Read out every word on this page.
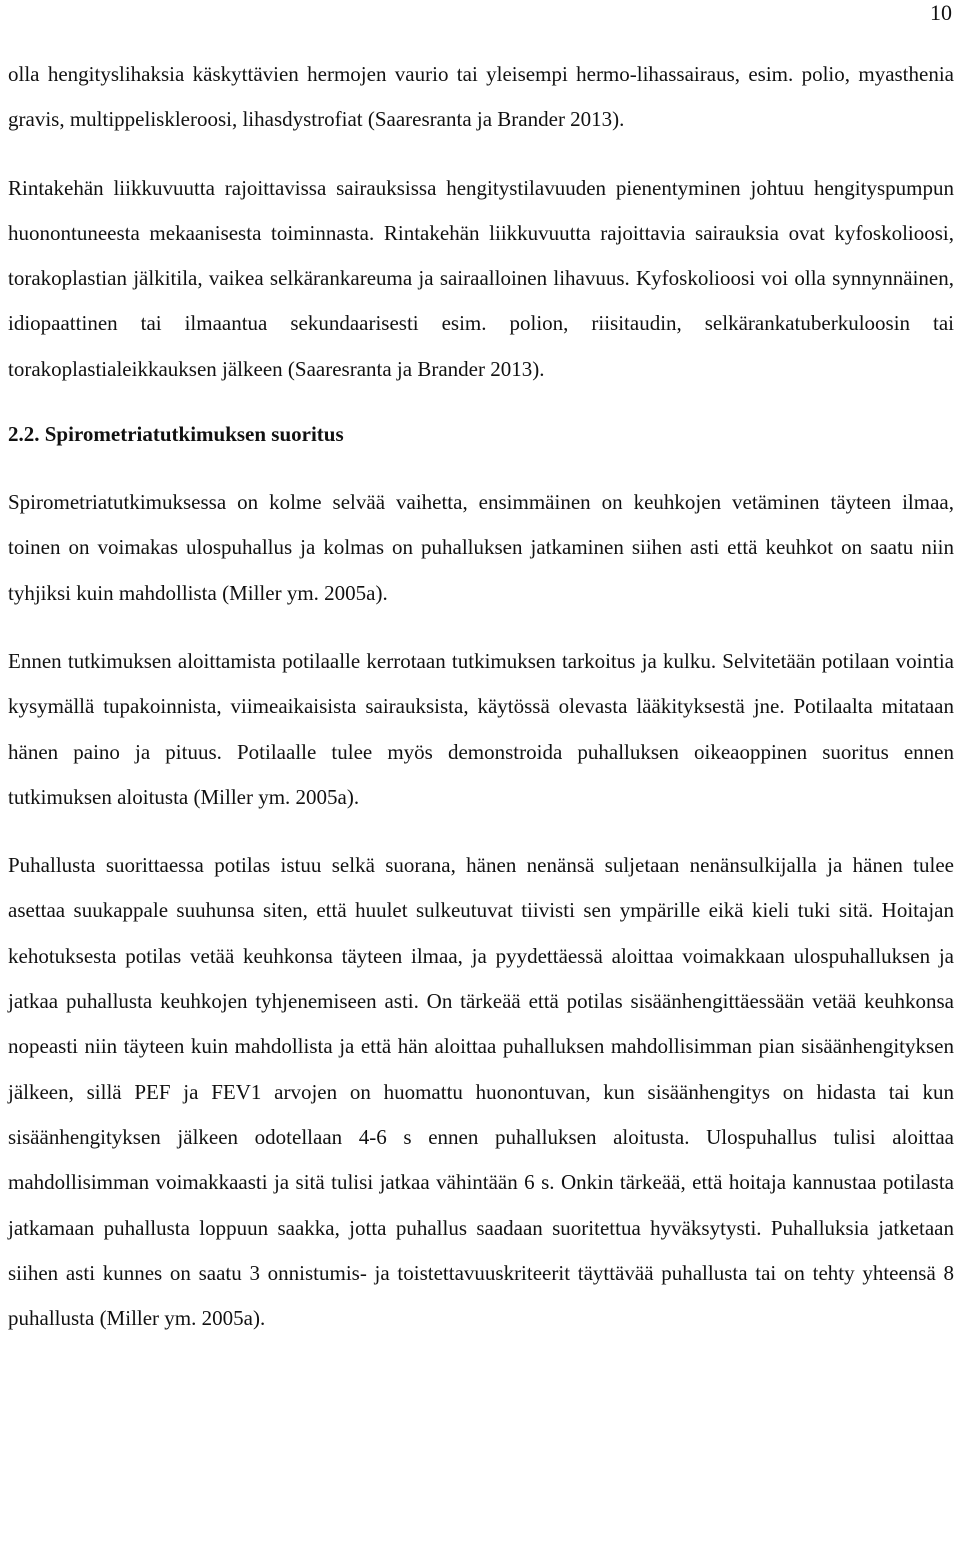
10

olla hengityslihaksia käskyttävien hermojen vaurio tai yleisempi hermo-lihassairaus, esim. polio, myasthenia gravis, multippeliskleroosi, lihasdystrofiat (Saaresranta ja Brander 2013).

Rintakehän liikkuvuutta rajoittavissa sairauksissa hengitystilavuuden pienentyminen johtuu hengityspumpun huonontuneesta mekaanisesta toiminnasta. Rintakehän liikkuvuutta rajoittavia sairauksia ovat kyfoskolioosi, torakoplastian jälkitila, vaikea selkärankareuma ja sairaalloinen lihavuus. Kyfoskolioosi voi olla synnynnäinen, idiopaattinen tai ilmaantua sekundaarisesti esim. polion, riisitaudin, selkärankatuberkuloosin tai torakoplastialeikkauksen jälkeen (Saaresranta ja Brander 2013).

2.2. Spirometriatutkimuksen suoritus

Spirometriatutkimuksessa on kolme selvää vaihetta, ensimmäinen on keuhkojen vetäminen täyteen ilmaa, toinen on voimakas ulospuhallus ja kolmas on puhalluksen jatkaminen siihen asti että keuhkot on saatu niin tyhjiksi kuin mahdollista (Miller ym. 2005a).

Ennen tutkimuksen aloittamista potilaalle kerrotaan tutkimuksen tarkoitus ja kulku. Selvitetään potilaan vointia kysymällä tupakoinnista, viimeaikaisista sairauksista, käytössä olevasta lääkityksestä jne. Potilaalta mitataan hänen paino ja pituus. Potilaalle tulee myös demonstroida puhalluksen oikeaoppinen suoritus ennen tutkimuksen aloitusta (Miller ym. 2005a).

Puhallusta suorittaessa potilas istuu selkä suorana, hänen nenänsä suljetaan nenänsulkijalla ja hänen tulee asettaa suukappale suuhunsa siten, että huulet sulkeutuvat tiivisti sen ympärille eikä kieli tuki sitä. Hoitajan kehotuksesta potilas vetää keuhkonsa täyteen ilmaa, ja pyydettäessä aloittaa voimakkaan ulospuhalluksen ja jatkaa puhallusta keuhkojen tyhjenemiseen asti. On tärkeää että potilas sisäänhengittäessään vetää keuhkonsa nopeasti niin täyteen kuin mahdollista ja että hän aloittaa puhalluksen mahdollisimman pian sisäänhengityksen jälkeen, sillä PEF ja FEV1 arvojen on huomattu huonontuvan, kun sisäänhengitys on hidasta tai kun sisäänhengityksen jälkeen odotellaan 4-6 s ennen puhalluksen aloitusta. Ulospuhallus tulisi aloittaa mahdollisimman voimakkaasti ja sitä tulisi jatkaa vähintään 6 s. Onkin tärkeää, että hoitaja kannustaa potilasta jatkamaan puhallusta loppuun saakka, jotta puhallus saadaan suoritettua hyväksytysti. Puhalluksia jatketaan siihen asti kunnes on saatu 3 onnistumis- ja toistettavuuskriteerit täyttävää puhallusta tai on tehty yhteensä 8 puhallusta (Miller ym. 2005a).
